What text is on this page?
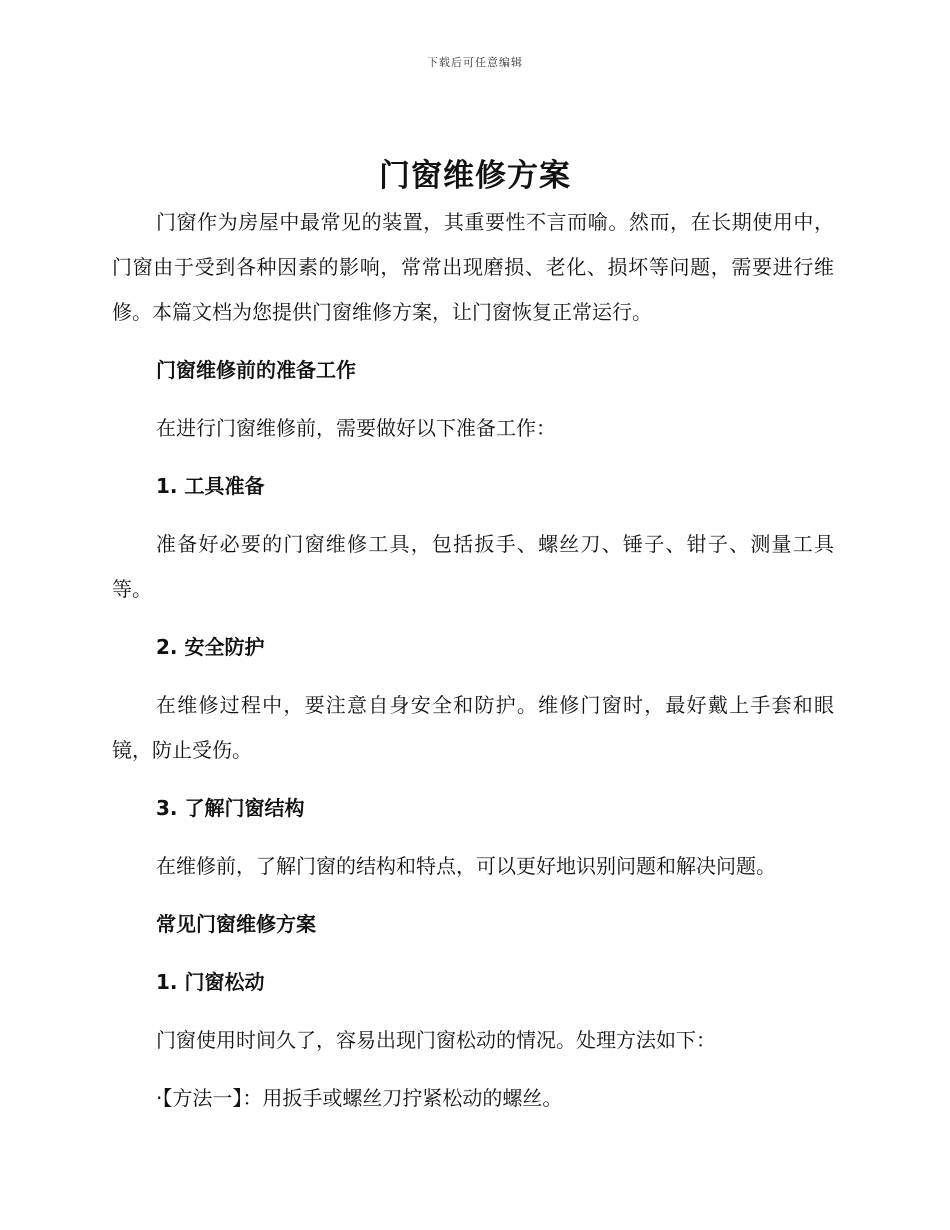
下载后可任意编辑
门窗维修方案

门窗作为房屋中最常见的装置，其重要性不言而喻。然而，在长期使用中，门窗由于受到各种因素的影响，常常出现磨损、老化、损坏等问题，需要进行维修。本篇文档为您提供门窗维修方案，让门窗恢复正常运行。

门窗维修前的准备工作

在进行门窗维修前，需要做好以下准备工作：

1. 工具准备

准备好必要的门窗维修工具，包括扳手、螺丝刀、锤子、钳子、测量工具等。

2. 安全防护

在维修过程中，要注意自身安全和防护。维修门窗时，最好戴上手套和眼镜，防止受伤。

3. 了解门窗结构

在维修前，了解门窗的结构和特点，可以更好地识别问题和解决问题。

常见门窗维修方案

1. 门窗松动

门窗使用时间久了，容易出现门窗松动的情况。处理方法如下：

·【方法一】：用扳手或螺丝刀拧紧松动的螺丝。
